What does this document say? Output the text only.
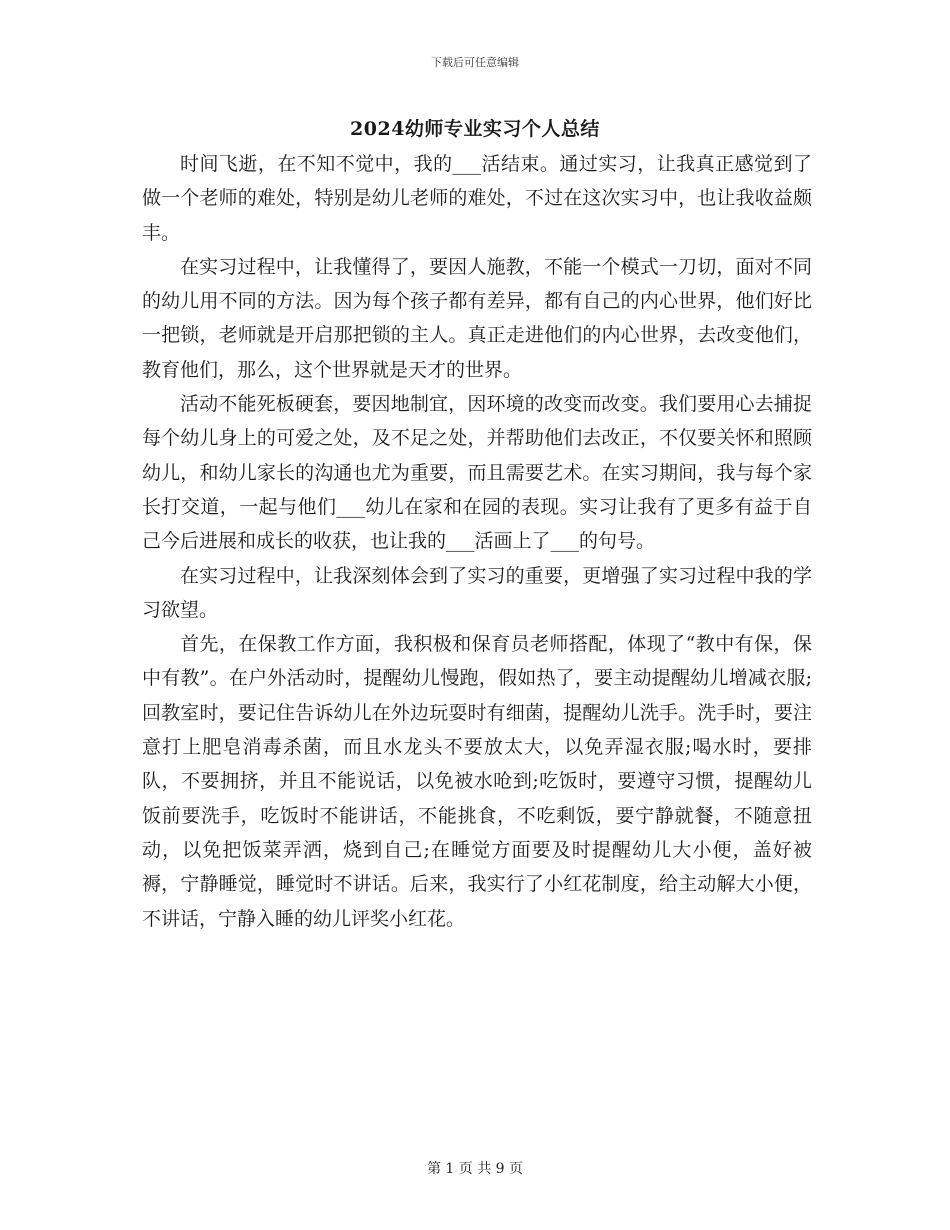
下载后可任意编辑
2024幼师专业实习个人总结

时间飞逝，在不知不觉中，我的___活结束。通过实习，让我真正感觉到了做一个老师的难处，特别是幼儿老师的难处，不过在这次实习中，也让我收益颇丰。

在实习过程中，让我懂得了，要因人施教，不能一个模式一刀切，面对不同的幼儿用不同的方法。因为每个孩子都有差异，都有自己的内心世界，他们好比一把锁，老师就是开启那把锁的主人。真正走进他们的内心世界，去改变他们，教育他们，那么，这个世界就是天才的世界。

活动不能死板硬套，要因地制宜，因环境的改变而改变。我们要用心去捕捉每个幼儿身上的可爱之处，及不足之处，并帮助他们去改正，不仅要关怀和照顾幼儿，和幼儿家长的沟通也尤为重要，而且需要艺术。在实习期间，我与每个家长打交道，一起与他们___幼儿在家和在园的表现。实习让我有了更多有益于自己今后进展和成长的收获，也让我的___活画上了___的句号。

在实习过程中，让我深刻体会到了实习的重要，更增强了实习过程中我的学习欲望。

首先，在保教工作方面，我积极和保育员老师搭配，体现了“教中有保，保中有教”。在户外活动时，提醒幼儿慢跑，假如热了，要主动提醒幼儿增减衣服;回教室时，要记住告诉幼儿在外边玩耍时有细菌，提醒幼儿洗手。洗手时，要注意打上肥皂消毒杀菌，而且水龙头不要放太大，以免弄湿衣服;喝水时，要排队，不要拥挤，并且不能说话，以免被水呛到;吃饭时，要遵守习惯，提醒幼儿饭前要洗手，吃饭时不能讲话，不能挑食，不吃剩饭，要宁静就餐，不随意扭动，以免把饭菜弄洒，烧到自己;在睡觉方面要及时提醒幼儿大小便，盖好被褥，宁静睡觉，睡觉时不讲话。后来，我实行了小红花制度，给主动解大小便，不讲话，宁静入睡的幼儿评奖小红花。

第 1 页 共 9 页
